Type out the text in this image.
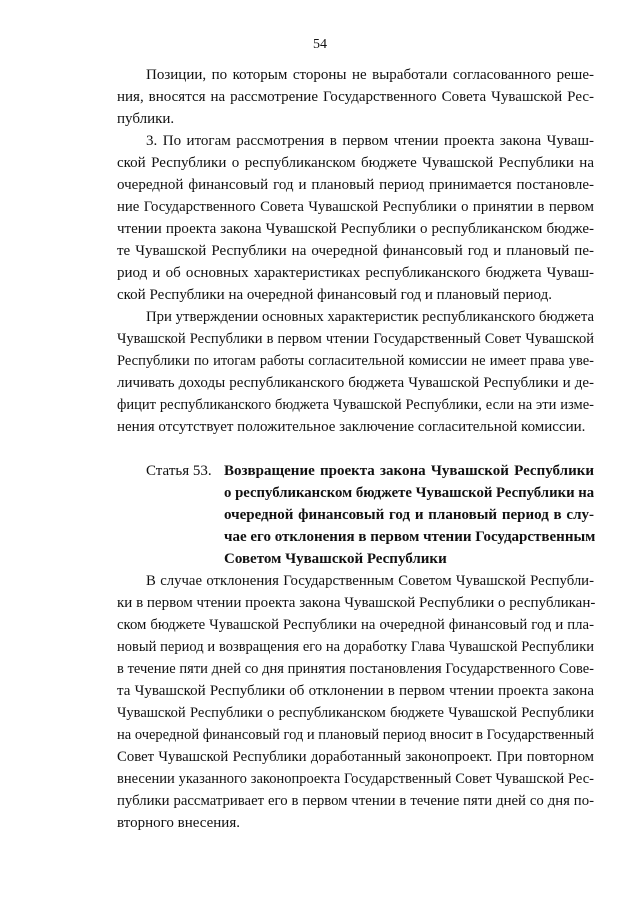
54
Позиции, по которым стороны не выработали согласованного реше-
ния, вносятся на рассмотрение Государственного Совета Чувашской Рес-
публики.
3. По итогам рассмотрения в первом чтении проекта закона Чуваш-
ской Республики о республиканском бюджете Чувашской Республики на
очередной финансовый год и плановый период принимается постановле-
ние Государственного Совета Чувашской Республики о принятии в первом
чтении проекта закона Чувашской Республики о республиканском бюдже-
те Чувашской Республики на очередной финансовый год и плановый пе-
риод и об основных характеристиках республиканского бюджета Чуваш-
ской Республики на очередной финансовый год и плановый период.
При утверждении основных характеристик республиканского бюджета
Чувашской Республики в первом чтении Государственный Совет Чувашской
Республики по итогам работы согласительной комиссии не имеет права уве-
личивать доходы республиканского бюджета Чувашской Республики и де-
фицит республиканского бюджета Чувашской Республики, если на эти изме-
нения отсутствует положительное заключение согласительной комиссии.
Статья 53. Возвращение проекта закона Чувашской Республики
о республиканском бюджете Чувашской Республики на
очередной финансовый год и плановый период в слу-
чае его отклонения в первом чтении Государственным
Советом Чувашской Республики
В случае отклонения Государственным Советом Чувашской Республи-
ки в первом чтении проекта закона Чувашской Республики о республикан-
ском бюджете Чувашской Республики на очередной финансовый год и пла-
новый период и возвращения его на доработку Глава Чувашской Республики
в течение пяти дней со дня принятия постановления Государственного Сове-
та Чувашской Республики об отклонении в первом чтении проекта закона
Чувашской Республики о республиканском бюджете Чувашской Республики
на очередной финансовый год и плановый период вносит в Государственный
Совет Чувашской Республики доработанный законопроект. При повторном
внесении указанного законопроекта Государственный Совет Чувашской Рес-
публики рассматривает его в первом чтении в течение пяти дней со дня по-
вторного внесения.
